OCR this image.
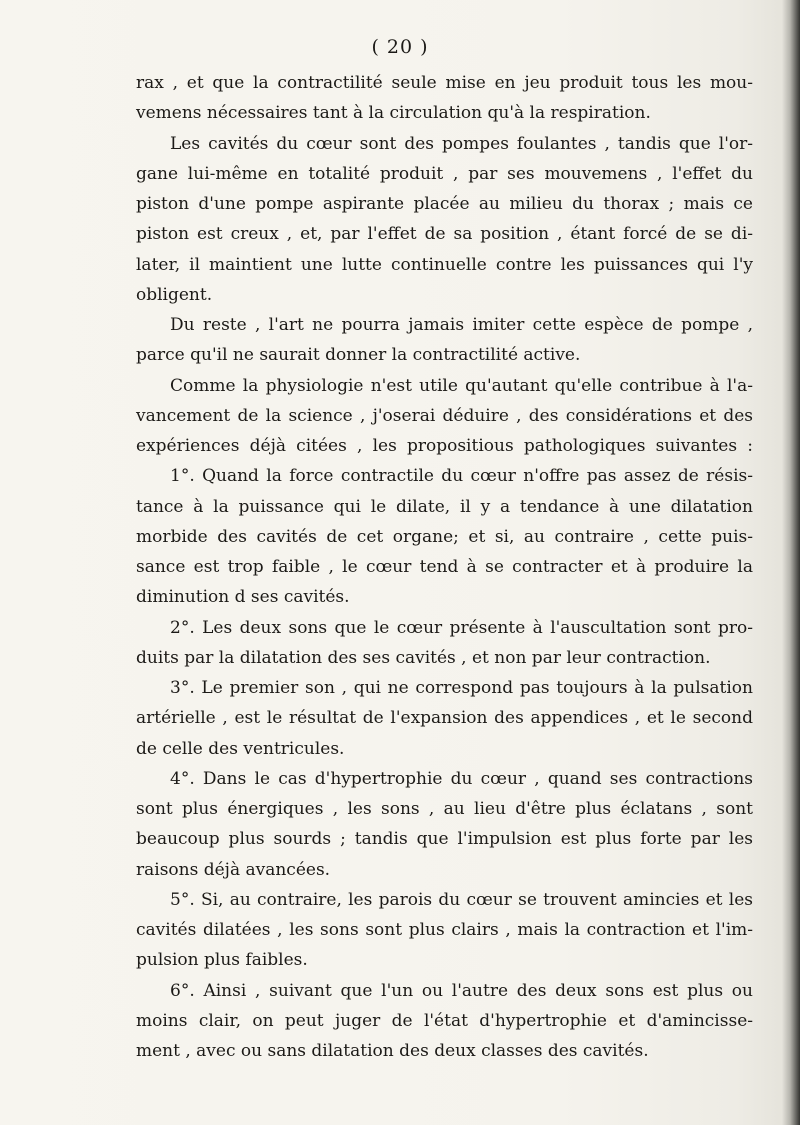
( 20 )
rax , et que la contractilité seule mise en jeu produit tous les mou-
vemens nécessaires tant à la circulation qu'à la respiration.
Les cavités du cœur sont des pompes foulantes , tandis que l'or-
gane lui-même en totalité produit , par ses mouvemens , l'effet du
piston d'une pompe aspirante placée au milieu du thorax ; mais ce
piston est creux , et, par l'effet de sa position , étant forcé de se di-
later, il maintient une lutte continuelle contre les puissances qui l'y
obligent.
Du reste , l'art ne pourra jamais imiter cette espèce de pompe ,
parce qu'il ne saurait donner la contractilité active.
Comme la physiologie n'est utile qu'autant qu'elle contribue à l'a-
vancement de la science , j'oserai déduire , des considérations et des
expériences déjà citées , les propositious pathologiques suivantes :
1°. Quand la force contractile du cœur n'offre pas assez de résis-
tance à la puissance qui le dilate, il y a tendance à une dilatation
morbide des cavités de cet organe; et si, au contraire , cette puis-
sance est trop faible , le cœur tend à se contracter et à produire la
diminution d ses cavités.
2°. Les deux sons que le cœur présente à l'auscultation sont pro-
duits par la dilatation des ses cavités , et non par leur contraction.
3°. Le premier son , qui ne correspond pas toujours à la pulsation
artérielle , est le résultat de l'expansion des appendices , et le second
de celle des ventricules.
4°. Dans le cas d'hypertrophie du cœur , quand ses contractions
sont plus énergiques , les sons , au lieu d'être plus éclatans , sont
beaucoup plus sourds ; tandis que l'impulsion est plus forte par les
raisons déjà avancées.
5°. Si, au contraire, les parois du cœur se trouvent amincies et les
cavités dilatées , les sons sont plus clairs , mais la contraction et l'im-
pulsion plus faibles.
6°. Ainsi , suivant que l'un ou l'autre des deux sons est plus ou
moins clair, on peut juger de l'état d'hypertrophie et d'amincisse-
ment , avec ou sans dilatation des deux classes des cavités.
